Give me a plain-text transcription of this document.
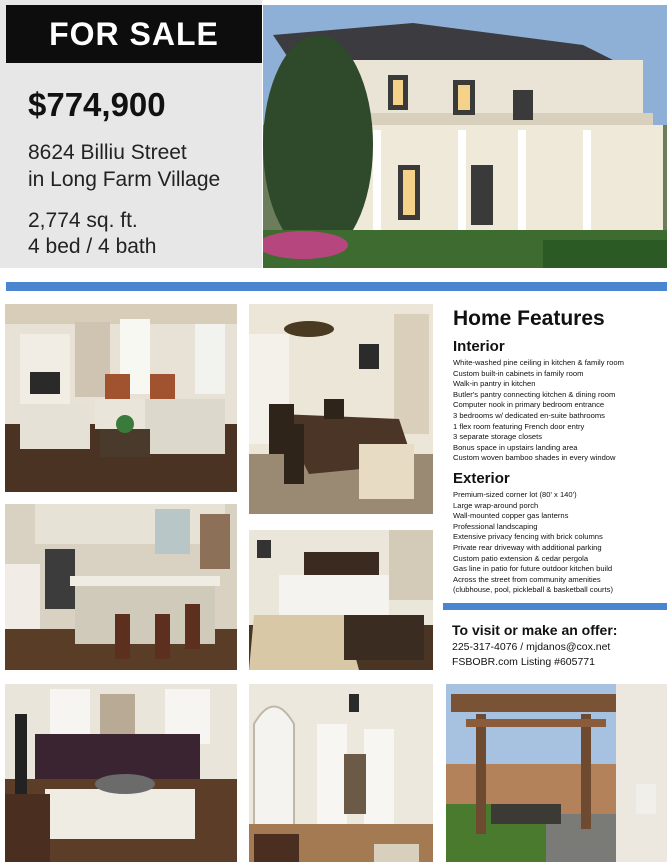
FOR SALE
$774,900
8624 Billiu Street
in Long Farm Village
2,774 sq. ft.
4 bed / 4 bath
Home Features
Interior
White-washed pine ceiling in kitchen & family room
Custom built-in cabinets in family room
Walk-in pantry in kitchen
Butler's pantry connecting kitchen & dining room
Computer nook in primary bedroom entrance
3 bedrooms w/ dedicated en-suite bathrooms
1 flex room featuring French door entry
3 separate storage closets
Bonus space in upstairs landing area
Custom woven bamboo shades in every window
Exterior
Premium-sized corner lot (80' x 140')
Large wrap-around porch
Wall-mounted copper gas lanterns
Professional landscaping
Extensive privacy fencing with brick columns
Private rear driveway with additional parking
Custom patio extension & cedar pergola
Gas line in patio for future outdoor kitchen build
Across the street from community amenities
(clubhouse, pool, pickleball & basketball courts)
To visit or make an offer:
225-317-4076 / mjdanos@cox.net
FSBOBR.com Listing #605771
